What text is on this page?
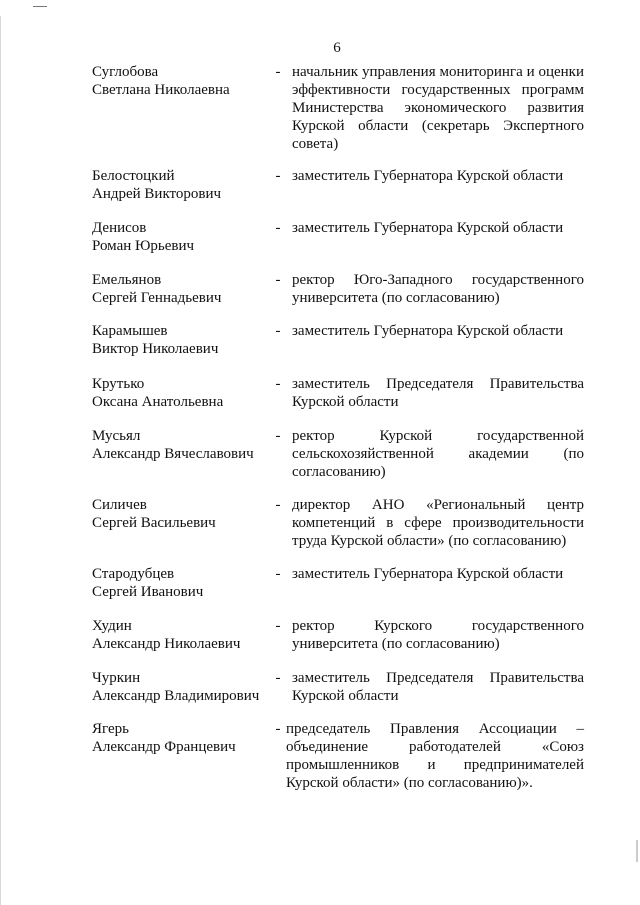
6
Суглобова
Светлана Николаевна
- начальник управления мониторинга и оценки эффективности государственных программ Министерства экономического развития Курской области (секретарь Экспертного совета)
Белостоцкий
Андрей Викторович
- заместитель Губернатора Курской области
Денисов
Роман Юрьевич
- заместитель Губернатора Курской области
Емельянов
Сергей Геннадьевич
- ректор Юго-Западного государственного университета (по согласованию)
Карамышев
Виктор Николаевич
- заместитель Губернатора Курской области
Крутько
Оксана Анатольевна
- заместитель Председателя Правительства Курской области
Мусьял
Александр Вячеславович
- ректор Курской государственной сельскохозяйственной академии (по согласованию)
Силичев
Сергей Васильевич
- директор АНО «Региональный центр компетенций в сфере производительности труда Курской области» (по согласованию)
Стародубцев
Сергей Иванович
- заместитель Губернатора Курской области
Худин
Александр Николаевич
- ректор Курского государственного университета (по согласованию)
Чуркин
Александр Владимирович
- заместитель Председателя Правительства Курской области
Ягерь
Александр Францевич
- председатель Правления Ассоциации – объединение работодателей «Союз промышленников и предпринимателей Курской области» (по согласованию)».
